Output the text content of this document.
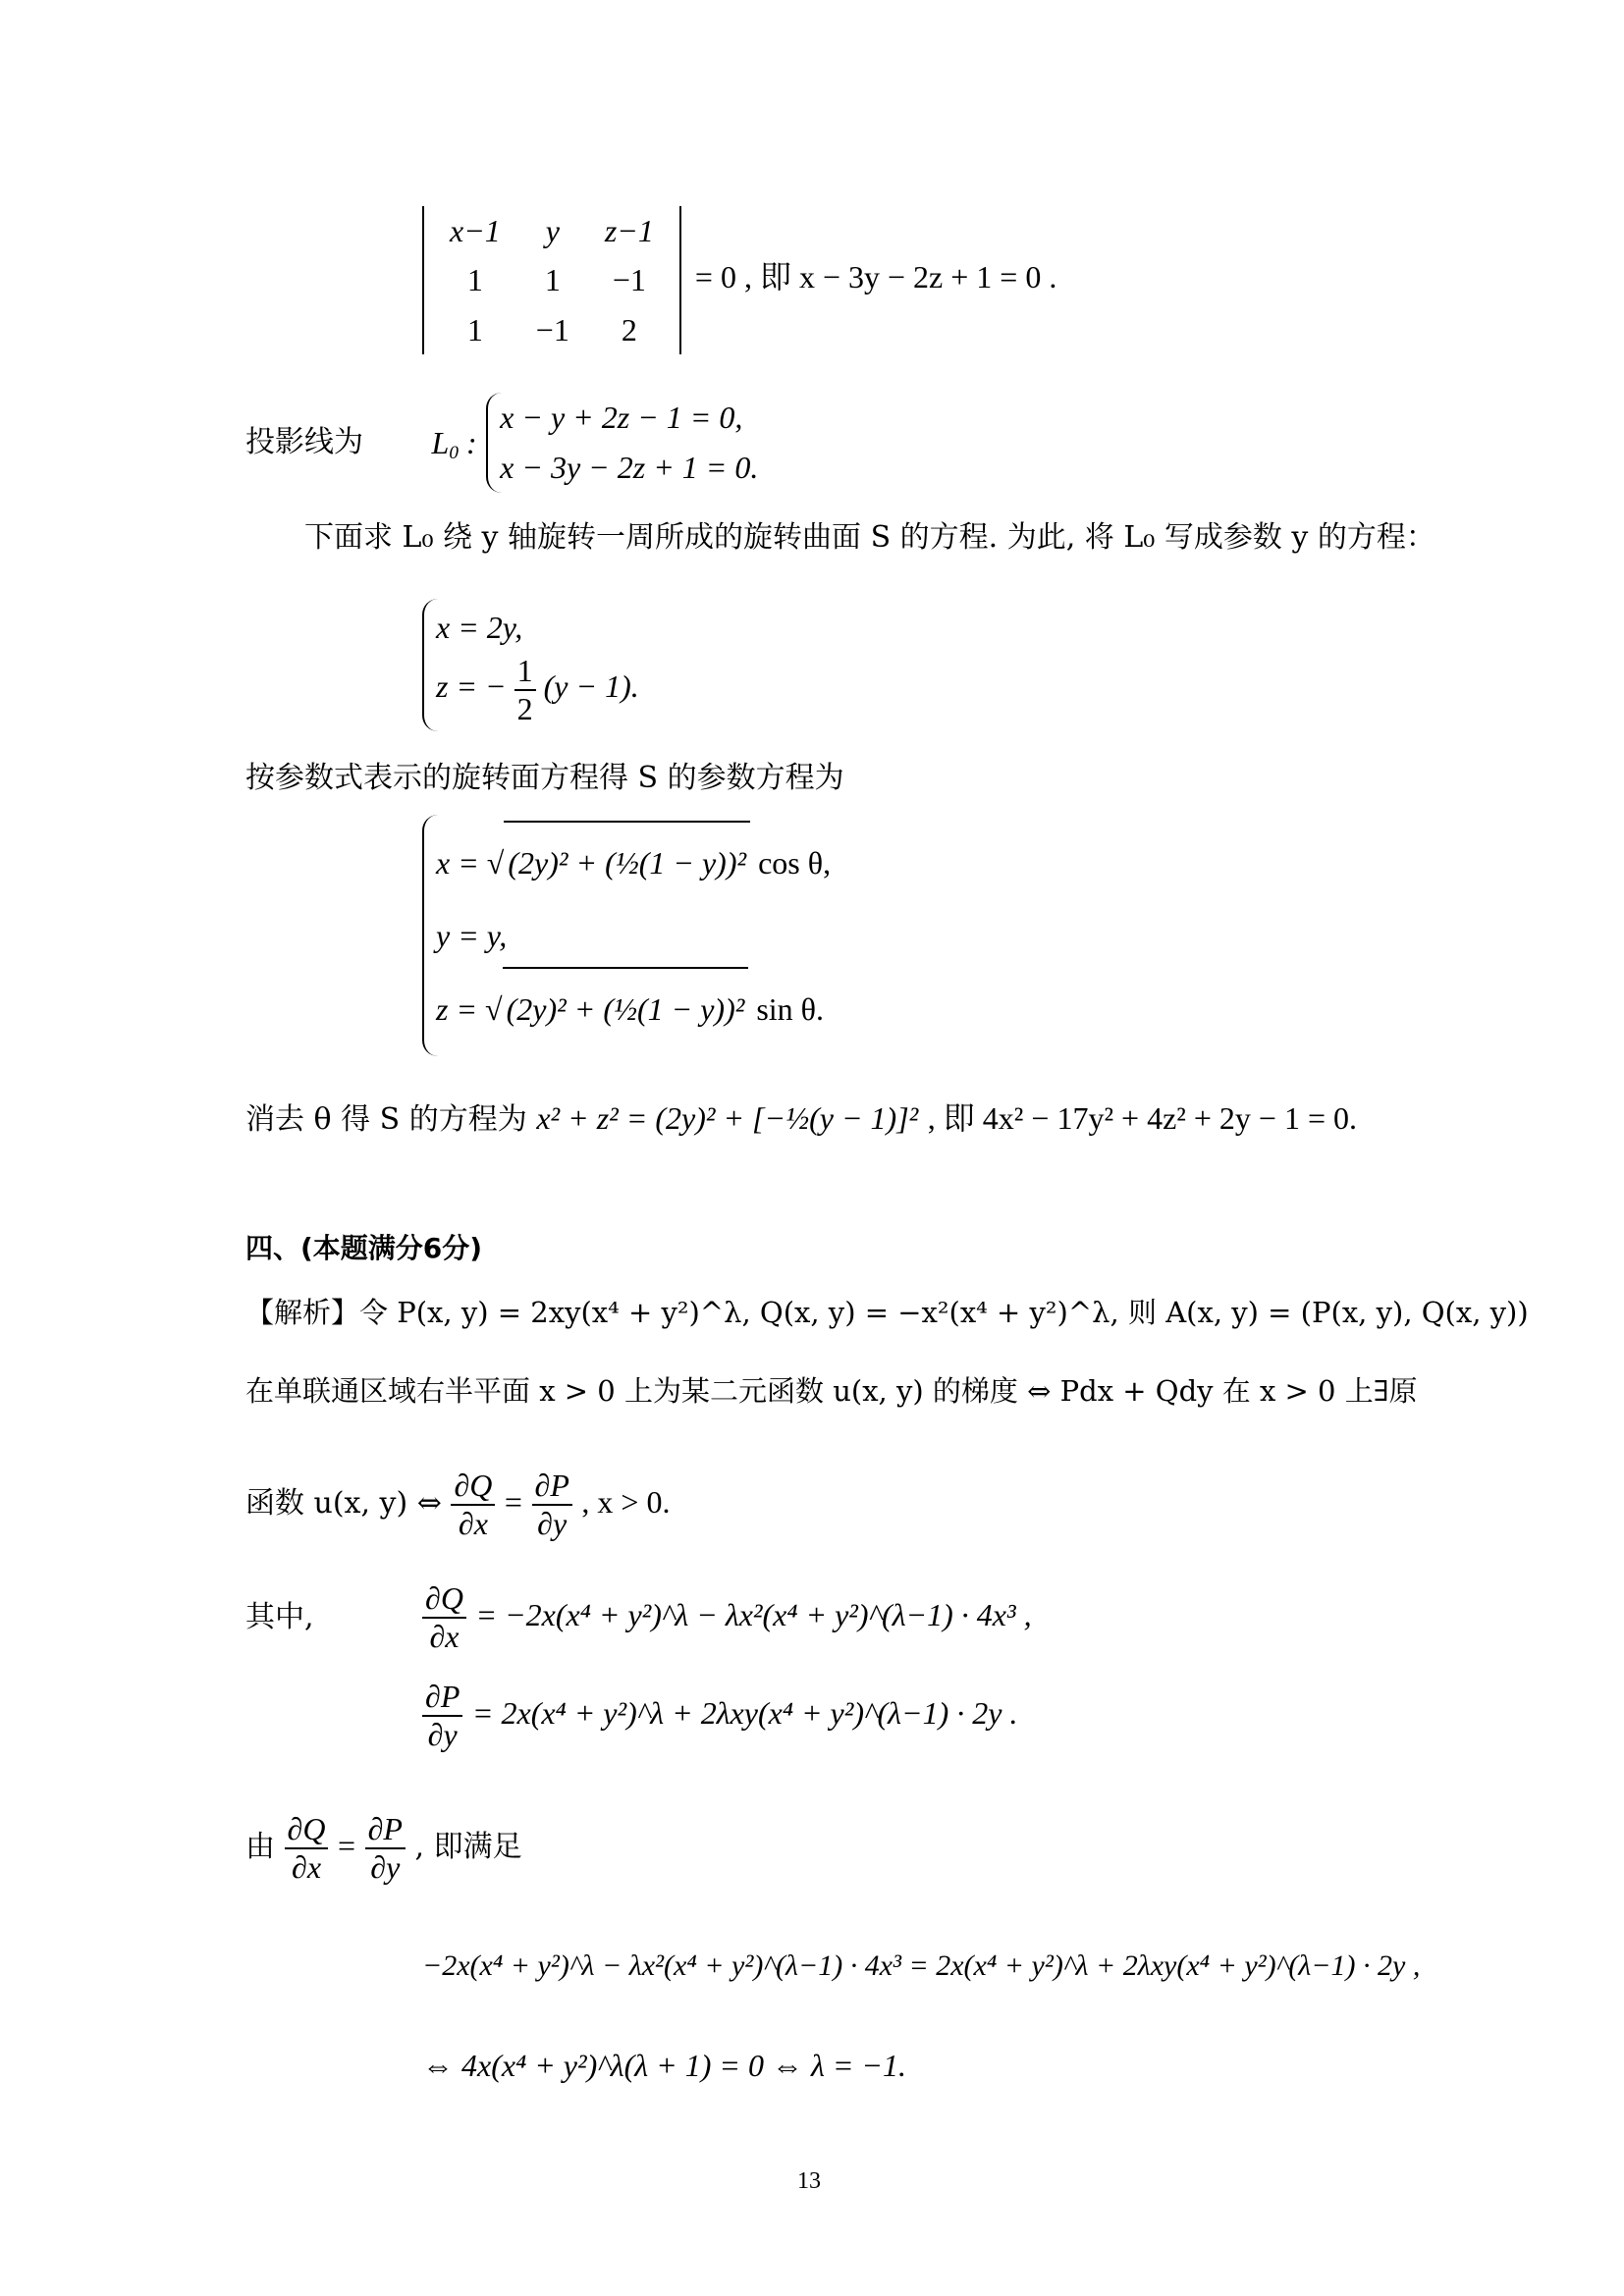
x−1	y	z−1
1	1	−1
1	−1	2
= 0 , 即 x − 3y − 2z + 1 = 0 .
投影线为 $L_0$ :
x − y + 2z − 1 = 0,
x − 3y − 2z + 1 = 0.
下面求 L₀ 绕 y 轴旋转一周所成的旋转曲面 S 的方程. 为此, 将 L₀ 写成参数 y 的方程：
x = 2y,
z = − $\frac{1}{2} (y - 1)$.
按参数式表示的旋转面方程得 S 的参数方程为
x = √ (2y)² + (½(1 − y))² cos θ,
y = y,
z = √ (2y)² + (½(1 − y))² sin θ.
消去 θ 得 S 的方程为 x² + z² = (2y)² + [−½(y − 1)]² , 即 4x² − 17y² + 4z² + 2y − 1 = 0.
四、(本题满分6分)
【解析】令 P(x, y) = 2xy(x⁴ + y²)^λ, Q(x, y) = −x²(x⁴ + y²)^λ, 则 A(x, y) = (P(x, y), Q(x, y))
在单联通区域右半平面 x > 0 上为某二元函数 u(x, y) 的梯度 ⇔ Pdx + Qdy 在 x > 0 上∃原
函数 u(x, y) ⇔ $\frac{\partial Q}{\partial x} = \frac{\partial P}{\partial y}$ , x > 0.
其中,	$\frac{\partial Q}{\partial x} = -2x(x^4$ + y²)^λ − λx²(x⁴ + y²)^(λ−1) · 4x³ ,
$\frac{\partial P}{\partial y} = 2x(x^4$ + y²)^λ + 2λxy(x⁴ + y²)^(λ−1) · 2y .
由 $\frac{\partial Q}{\partial x} = \frac{\partial P}{\partial y}$ , 即满足
−2x(x⁴ + y²)^λ − λx²(x⁴ + y²)^(λ−1) · 4x³ = 2x(x⁴ + y²)^λ + 2λxy(x⁴ + y²)^(λ−1) · 2y ,
⇔ 4x(x⁴ + y²)^λ(λ + 1) = 0 ⇔ λ = −1.
13
